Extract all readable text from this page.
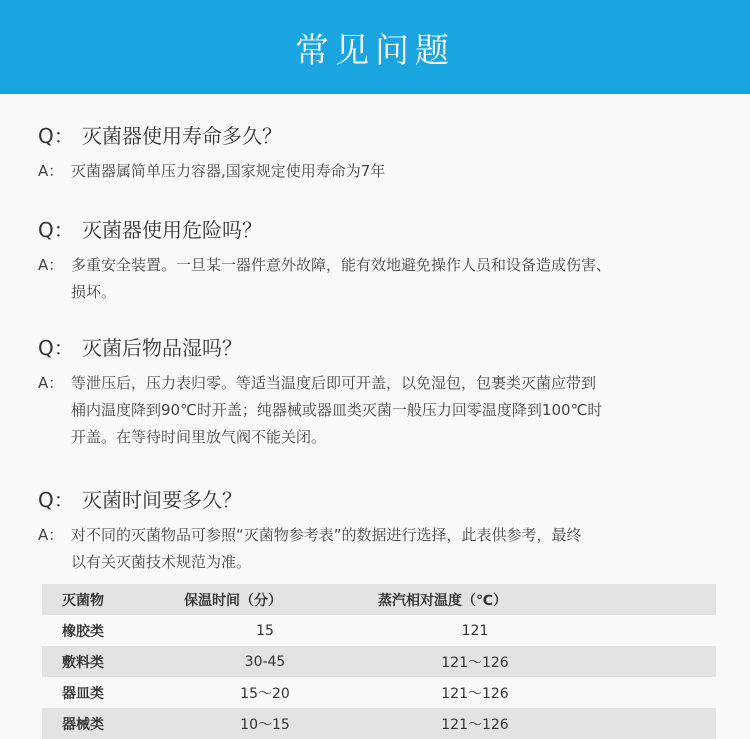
常见问题
Q： 灭菌器使用寿命多久？
A： 灭菌器属简单压力容器,国家规定使用寿命为7年
Q： 灭菌器使用危险吗？
A： 多重安全装置。一旦某一器件意外故障，能有效地避免操作人员和设备造成伤害、
损坏。
Q： 灭菌后物品湿吗？
A： 等泄压后，压力表归零。等适当温度后即可开盖，以免湿包，包裹类灭菌应带到
桶内温度降到90℃时开盖；纯器械或器皿类灭菌一般压力回零温度降到100℃时
开盖。在等待时间里放气阀不能关闭。
Q： 灭菌时间要多久？
A： 对不同的灭菌物品可参照“灭菌物参考表”的数据进行选择，此表供参考，最终
以有关灭菌技术规范为准。
灭菌物	保温时间（分）	蒸汽相对温度（℃）
橡胶类	15	121
敷料类	30-45	121～126
器皿类	15～20	121～126
器械类	10～15	121～126
